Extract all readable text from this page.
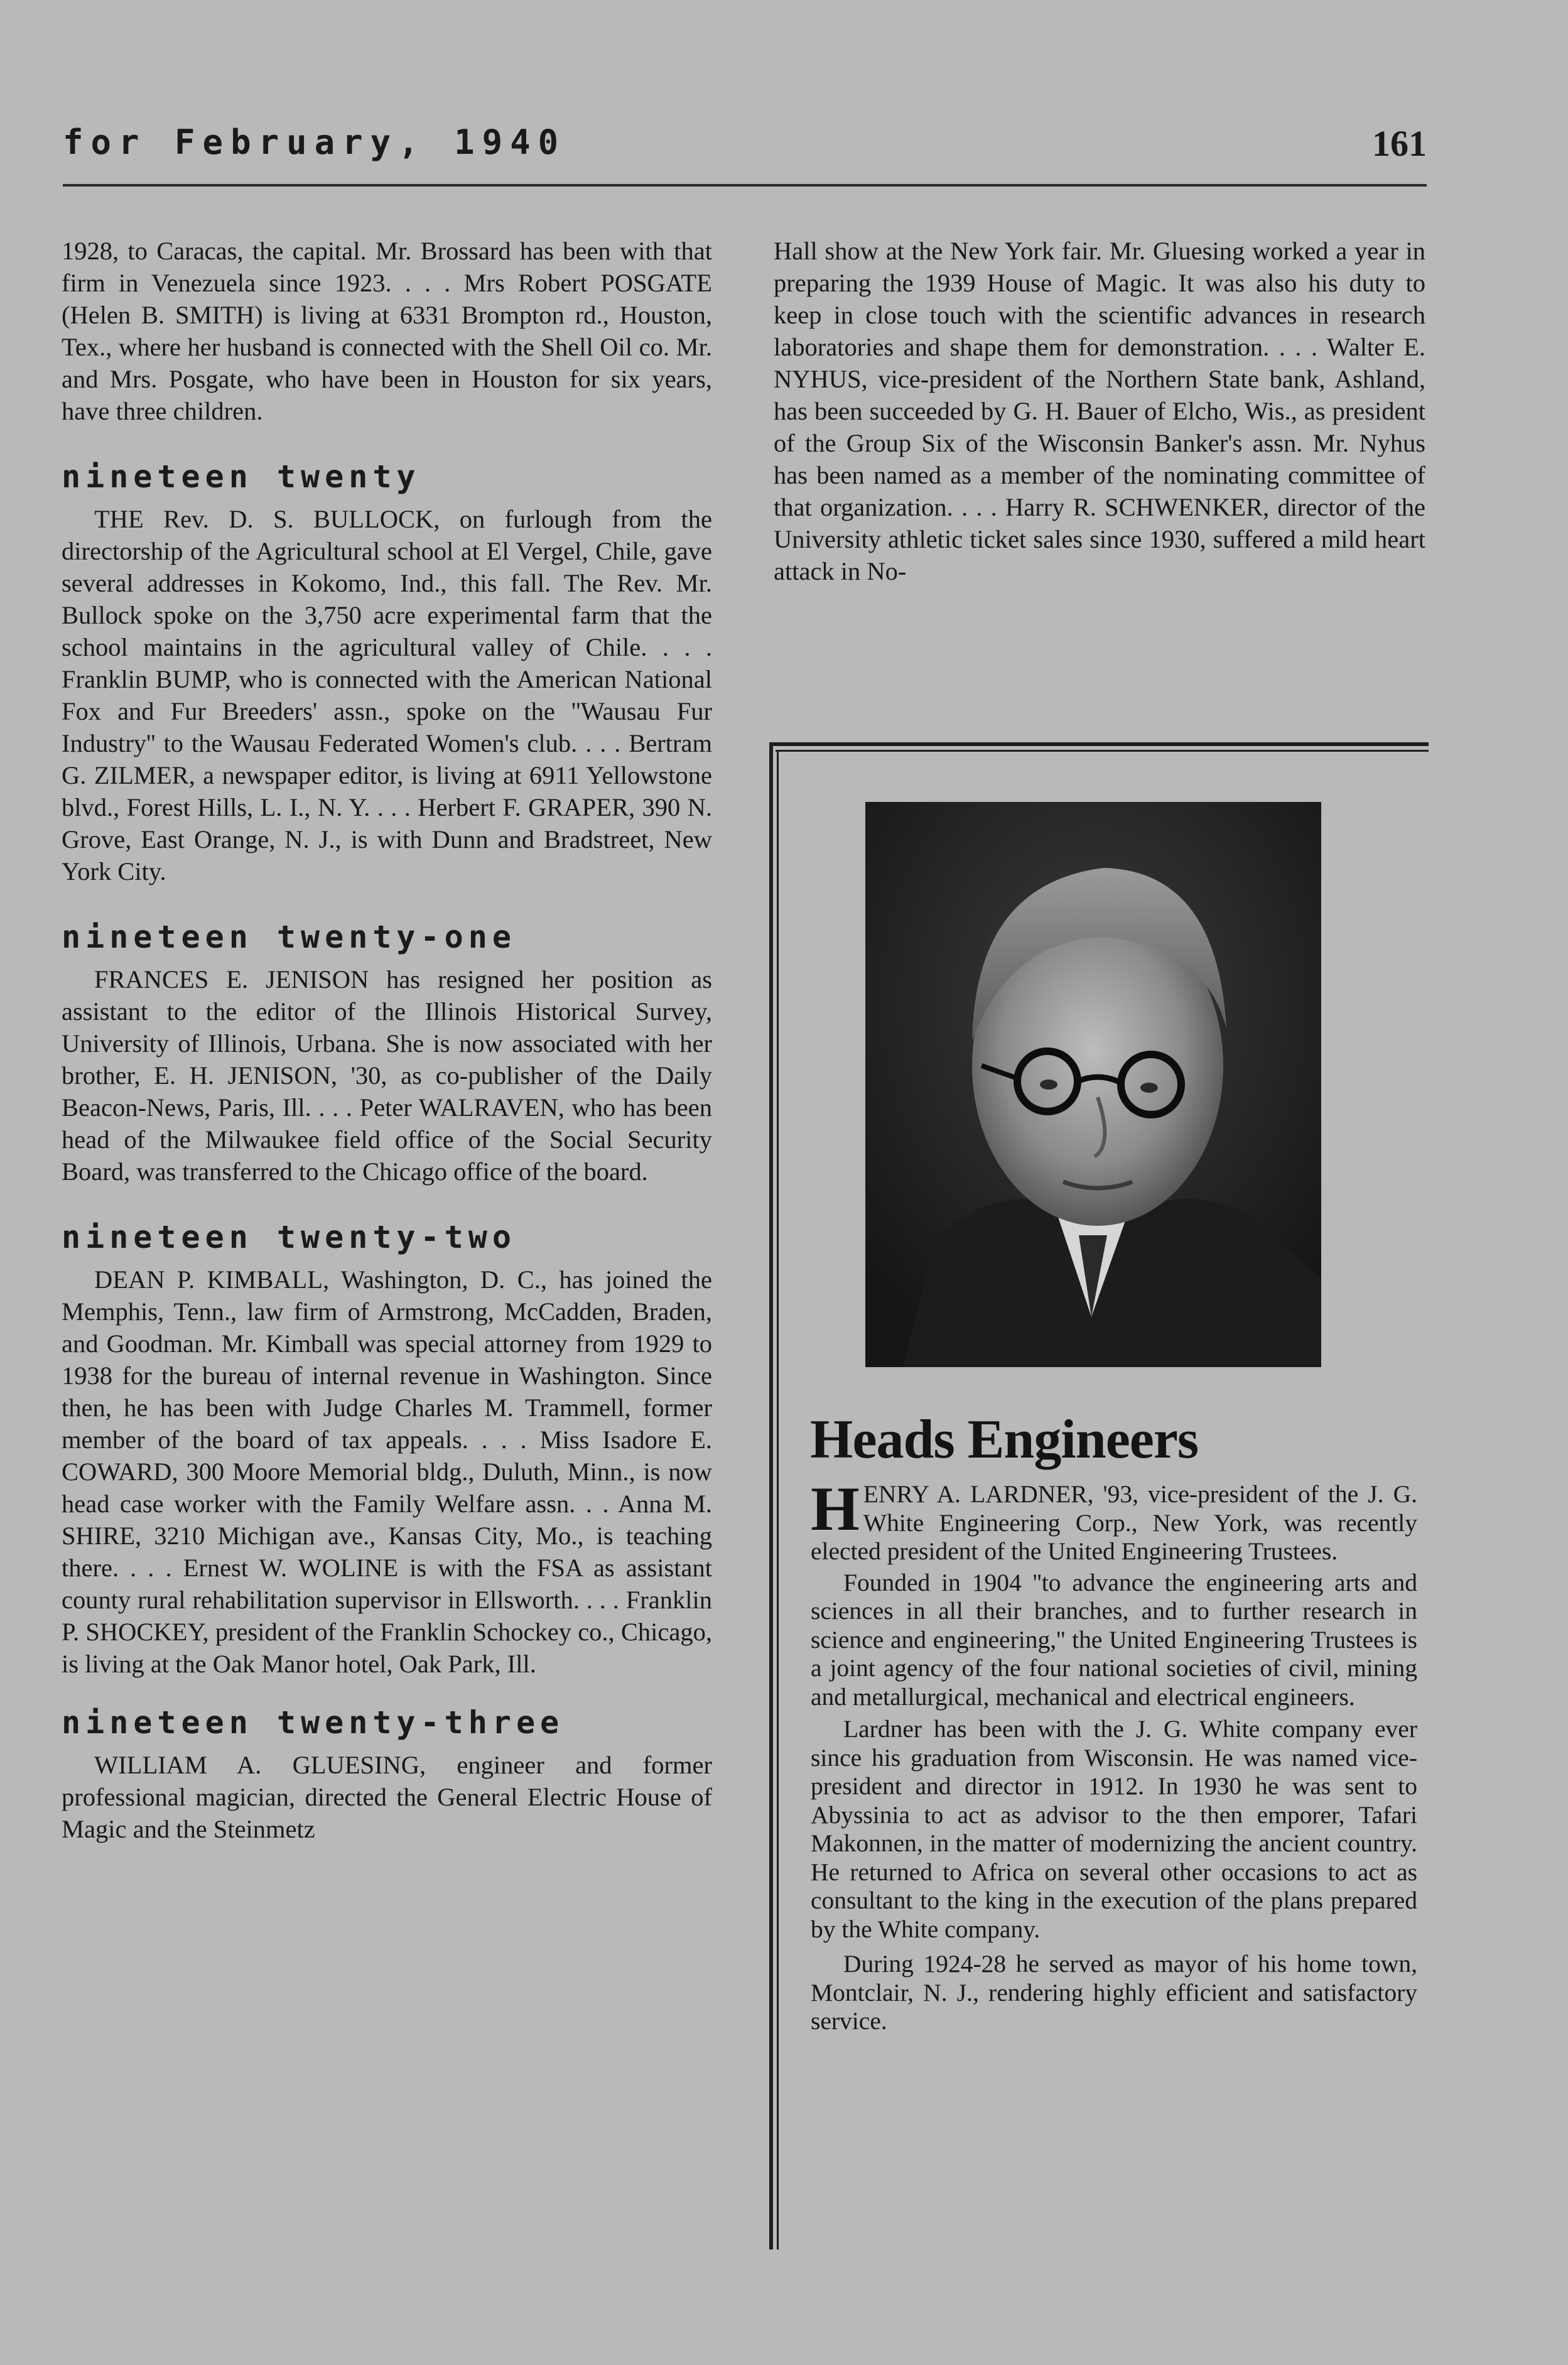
for February, 1940	161

1928, to Caracas, the capital. Mr. Brossard has been with that firm in Venezuela since 1923. . . . Mrs Robert POSGATE (Helen B. SMITH) is living at 6331 Brompton rd., Houston, Tex., where her husband is connected with the Shell Oil co. Mr. and Mrs. Posgate, who have been in Houston for six years, have three children.

nineteen twenty

THE Rev. D. S. BULLOCK, on furlough from the directorship of the Agricultural school at El Vergel, Chile, gave several addresses in Kokomo, Ind., this fall. The Rev. Mr. Bullock spoke on the 3,750 acre experimental farm that the school maintains in the agricultural valley of Chile. . . . Franklin BUMP, who is connected with the American National Fox and Fur Breeders' assn., spoke on the ''Wausau Fur Industry'' to the Wausau Federated Women's club. . . . Bertram G. ZILMER, a newspaper editor, is living at 6911 Yellowstone blvd., Forest Hills, L. I., N. Y. . . . Herbert F. GRAPER, 390 N. Grove, East Orange, N. J., is with Dunn and Bradstreet, New York City.

nineteen twenty-one

FRANCES E. JENISON has resigned her position as assistant to the editor of the Illinois Historical Survey, University of Illinois, Urbana. She is now associated with her brother, E. H. JENISON, '30, as co-publisher of the Daily Beacon-News, Paris, Ill. . . . Peter WALRAVEN, who has been head of the Milwaukee field office of the Social Security Board, was transferred to the Chicago office of the board.

nineteen twenty-two

DEAN P. KIMBALL, Washington, D. C., has joined the Memphis, Tenn., law firm of Armstrong, McCadden, Braden, and Goodman. Mr. Kimball was special attorney from 1929 to 1938 for the bureau of internal revenue in Washington. Since then, he has been with Judge Charles M. Trammell, former member of the board of tax appeals. . . . Miss Isadore E. COWARD, 300 Moore Memorial bldg., Duluth, Minn., is now head case worker with the Family Welfare assn. . . Anna M. SHIRE, 3210 Michigan ave., Kansas City, Mo., is teaching there. . . . Ernest W. WOLINE is with the FSA as assistant county rural rehabilitation supervisor in Ellsworth. . . . Franklin P. SHOCKEY, president of the Franklin Schockey co., Chicago, is living at the Oak Manor hotel, Oak Park, Ill.

nineteen twenty-three

WILLIAM A. GLUESING, engineer and former professional magician, directed the General Electric House of Magic and the Steinmetz

Hall show at the New York fair. Mr. Gluesing worked a year in preparing the 1939 House of Magic. It was also his duty to keep in close touch with the scientific advances in research laboratories and shape them for demonstration. . . . Walter E. NYHUS, vice-president of the Northern State bank, Ashland, has been succeeded by G. H. Bauer of Elcho, Wis., as president of the Group Six of the Wisconsin Banker's assn. Mr. Nyhus has been named as a member of the nominating committee of that organization. . . . Harry R. SCHWENKER, director of the University athletic ticket sales since 1930, suffered a mild heart attack in No-

Heads Engineers

HENRY A. LARDNER, '93, vice-president of the J. G. White Engineering Corp., New York, was recently elected president of the United Engineering Trustees.

Founded in 1904 ''to advance the engineering arts and sciences in all their branches, and to further research in science and engineering,'' the United Engineering Trustees is a joint agency of the four national societies of civil, mining and metallurgical, mechanical and electrical engineers.

Lardner has been with the J. G. White company ever since his graduation from Wisconsin. He was named vice-president and director in 1912. In 1930 he was sent to Abyssinia to act as advisor to the then emporer, Tafari Makonnen, in the matter of modernizing the ancient country. He returned to Africa on several other occasions to act as consultant to the king in the execution of the plans prepared by the White company.

During 1924-28 he served as mayor of his home town, Montclair, N. J., rendering highly efficient and satisfactory service.
